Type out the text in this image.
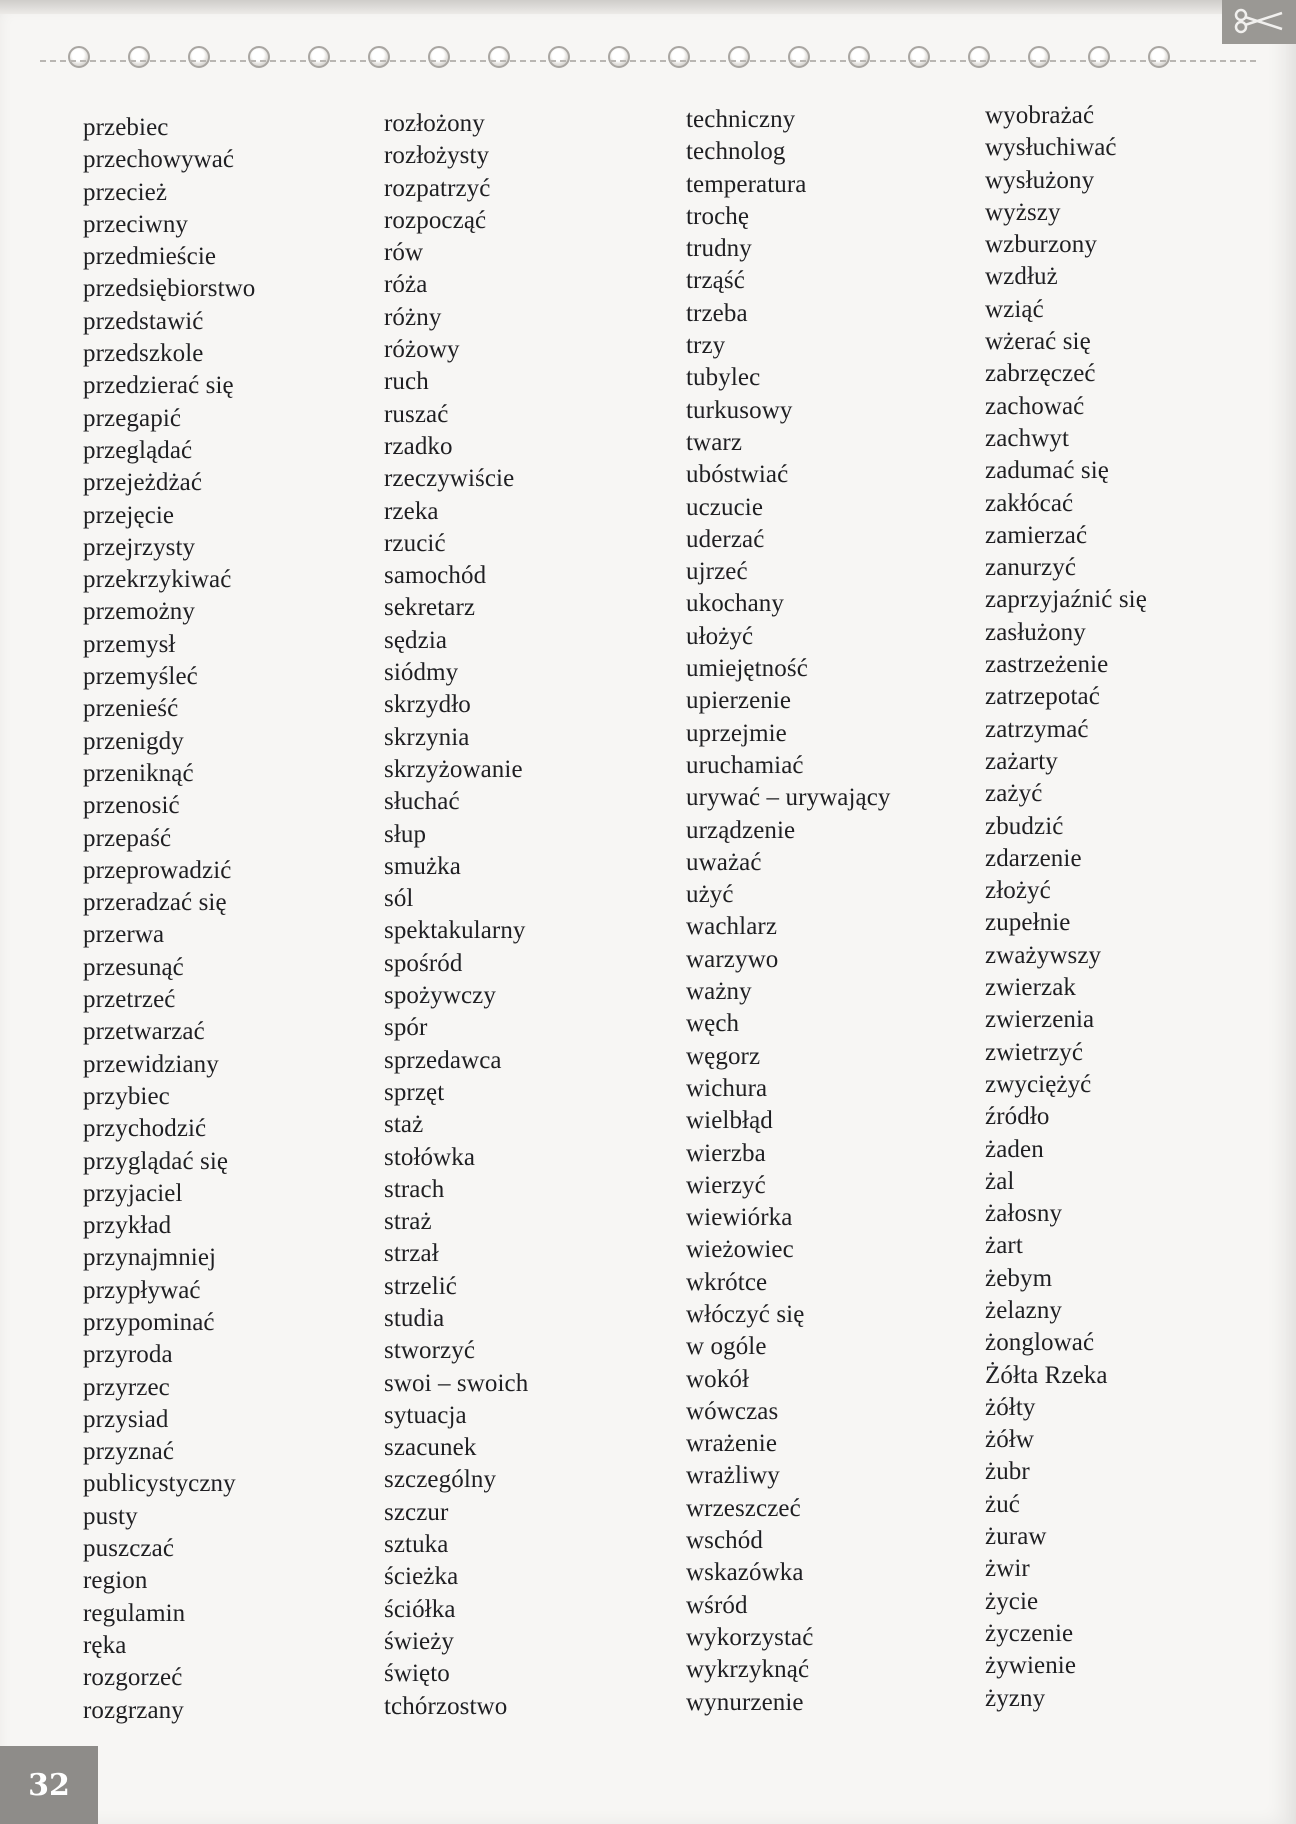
przebiec
przechowywać
przecież
przeciwny
przedmieście
przedsiębiorstwo
przedstawić
przedszkole
przedzierać się
przegapić
przeglądać
przejeżdżać
przejęcie
przejrzysty
przekrzykiwać
przemożny
przemysł
przemyśleć
przenieść
przenigdy
przeniknąć
przenosić
przepaść
przeprowadzić
przeradzać się
przerwa
przesunąć
przetrzeć
przetwarzać
przewidziany
przybiec
przychodzić
przyglądać się
przyjaciel
przykład
przynajmniej
przypływać
przypominać
przyroda
przyrzec
przysiad
przyznać
publicystyczny
pusty
puszczać
region
regulamin
ręka
rozgorzeć
rozgrzany
rozłożony
rozłożysty
rozpatrzyć
rozpocząć
rów
róża
różny
różowy
ruch
ruszać
rzadko
rzeczywiście
rzeka
rzucić
samochód
sekretarz
sędzia
siódmy
skrzydło
skrzynia
skrzyżowanie
słuchać
słup
smużka
sól
spektakularny
spośród
spożywczy
spór
sprzedawca
sprzęt
staż
stołówka
strach
straż
strzał
strzelić
studia
stworzyć
swoi – swoich
sytuacja
szacunek
szczególny
szczur
sztuka
ścieżka
ściółka
świeży
święto
tchórzostwo
techniczny
technolog
temperatura
trochę
trudny
trząść
trzeba
trzy
tubylec
turkusowy
twarz
ubóstwiać
uczucie
uderzać
ujrzeć
ukochany
ułożyć
umiejętność
upierzenie
uprzejmie
uruchamiać
urywać – urywający
urządzenie
uważać
użyć
wachlarz
warzywo
ważny
węch
węgorz
wichura
wielbłąd
wierzba
wierzyć
wiewiórka
wieżowiec
wkrótce
włóczyć się
w ogóle
wokół
wówczas
wrażenie
wrażliwy
wrzeszczeć
wschód
wskazówka
wśród
wykorzystać
wykrzyknąć
wynurzenie
wyobrażać
wysłuchiwać
wysłużony
wyższy
wzburzony
wzdłuż
wziąć
wżerać się
zabrzęczeć
zachować
zachwyt
zadumać się
zakłócać
zamierzać
zanurzyć
zaprzyjaźnić się
zasłużony
zastrzeżenie
zatrzepotać
zatrzymać
zażarty
zażyć
zbudzić
zdarzenie
złożyć
zupełnie
zważywszy
zwierzak
zwierzenia
zwietrzyć
zwyciężyć
źródło
żaden
żal
żałosny
żart
żebym
żelazny
żonglować
Żółta Rzeka
żółty
żółw
żubr
żuć
żuraw
żwir
życie
życzenie
żywienie
żyzny
32
